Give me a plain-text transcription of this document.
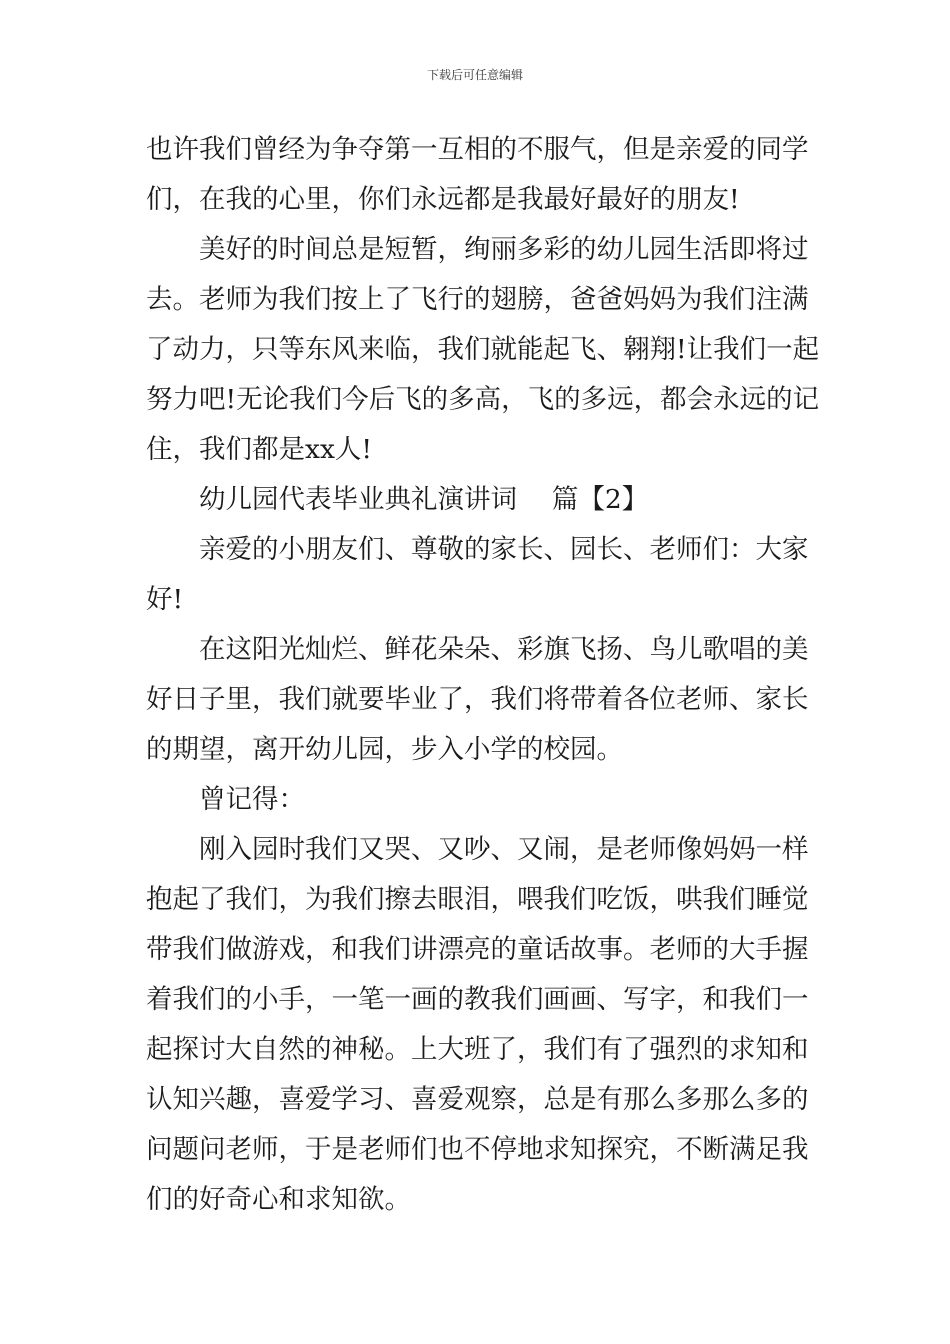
下载后可任意编辑
也许我们曾经为争夺第一互相的不服气，但是亲爱的同学
们，在我的心里，你们永远都是我最好最好的朋友!
美好的时间总是短暂，绚丽多彩的幼儿园生活即将过
去。老师为我们按上了飞行的翅膀，爸爸妈妈为我们注满
了动力，只等东风来临，我们就能起飞、翱翔!让我们一起
努力吧!无论我们今后飞的多高，飞的多远，都会永远的记
住，我们都是xx人!
幼儿园代表毕业典礼演讲词　 篇【2】
亲爱的小朋友们、尊敬的家长、园长、老师们：大家
好!
在这阳光灿烂、鲜花朵朵、彩旗飞扬、鸟儿歌唱的美
好日子里，我们就要毕业了，我们将带着各位老师、家长
的期望，离开幼儿园，步入小学的校园。
曾记得：
刚入园时我们又哭、又吵、又闹，是老师像妈妈一样
抱起了我们，为我们擦去眼泪，喂我们吃饭，哄我们睡觉
带我们做游戏，和我们讲漂亮的童话故事。老师的大手握
着我们的小手，一笔一画的教我们画画、写字，和我们一
起探讨大自然的神秘。上大班了，我们有了强烈的求知和
认知兴趣，喜爱学习、喜爱观察，总是有那么多那么多的
问题问老师，于是老师们也不停地求知探究，不断满足我
们的好奇心和求知欲。
